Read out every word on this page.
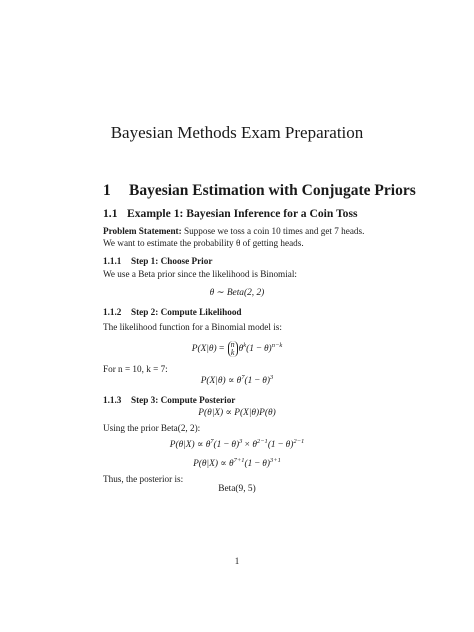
Bayesian Methods Exam Preparation
1 Bayesian Estimation with Conjugate Priors
1.1 Example 1: Bayesian Inference for a Coin Toss
Problem Statement: Suppose we toss a coin 10 times and get 7 heads. We want to estimate the probability θ of getting heads.
1.1.1 Step 1: Choose Prior
We use a Beta prior since the likelihood is Binomial:
θ ∼ Beta(2, 2)
1.1.2 Step 2: Compute Likelihood
The likelihood function for a Binomial model is:
P(X|θ) = n
k $\theta^k(1 - \theta)^{n-k}$
For n = 10, k = 7:
$P(X|\theta) \propto \theta^7(1 - \theta)^3$
1.1.3 Step 3: Compute Posterior
P(θ|X) ∝ P(X|θ)P(θ)
Using the prior Beta(2, 2):
$P(\theta|X) \propto \theta^7(1 - \theta)^3 \times \theta^{2-1}(1 - \theta)^{2-1}$
$P(\theta|X) \propto \theta^{7+1}(1 - \theta)^{3+1}$
Thus, the posterior is:
Beta(9, 5)
1
